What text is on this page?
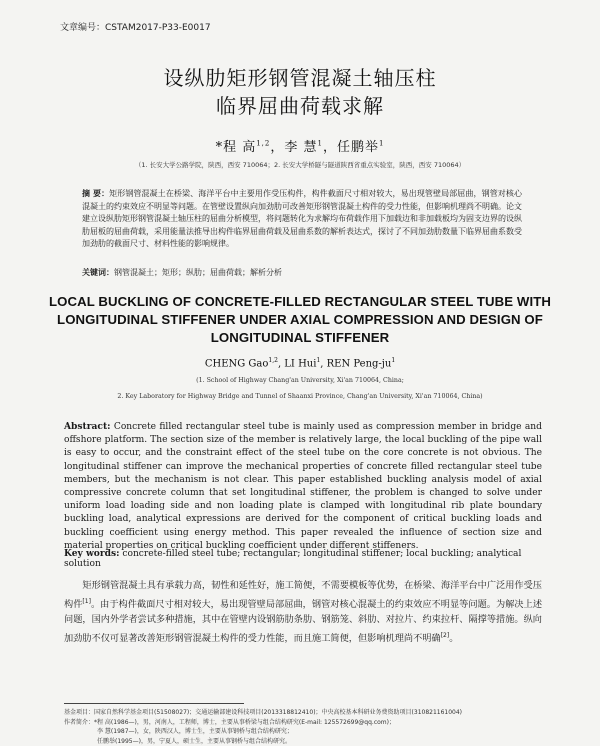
文章编号：CSTAM2017-P33-E0017
设纵肋矩形钢管混凝土轴压柱
临界屈曲荷载求解
*程 高$^{1,2}$，李 慧$^1$，任鹏举$^1$
（1. 长安大学公路学院，陕西，西安 710064；2. 长安大学桥隧与隧道陕西省重点实验室，陕西，西安 710064）
摘 要：矩形钢管混凝土在桥梁、海洋平台中主要用作受压构件，构件截面尺寸相对较大，易出现管壁局部屈曲，钢管对核心混凝土的约束效应不明显等问题。在管壁设置纵向加劲肋可改善矩形钢管混凝土构件的受力性能，但影响机理尚不明确。论文建立设纵肋矩形钢管混凝土轴压柱的屈曲分析模型，将问题转化为求解均布荷载作用下加载边和非加载板均为固支边界的设纵肋屈板的屈曲荷载，采用能量法推导出构件临界屈曲荷载及屈曲系数的解析表达式，探讨了不同加劲肋数量下临界屈曲系数受加劲肋的截面尺寸、材料性能的影响规律。
关键词：钢管混凝土；矩形；纵肋；屈曲荷载；解析分析
LOCAL BUCKLING OF CONCRETE-FILLED RECTANGULAR STEEL TUBE WITH LONGITUDINAL STIFFENER UNDER AXIAL COMPRESSION AND DESIGN OF LONGITUDINAL STIFFENER
CHENG Gao$^{1,2}$, LI Hui$^1$, REN Peng-$ju^1$
(1. School of Highway Chang'an University, Xi'an 710064, China;
2. Key Laboratory for Highway Bridge and Tunnel of Shaanxi Province, Chang'an University, Xi'an 710064, China)
Abstract: Concrete filled rectangular steel tube is mainly used as compression member in bridge and offshore platform. The section size of the member is relatively large, the local buckling of the pipe wall is easy to occur, and the constraint effect of the steel tube on the core concrete is not obvious. The longitudinal stiffener can improve the mechanical properties of concrete filled rectangular steel tube members, but the mechanism is not clear. This paper established buckling analysis model of axial compressive concrete column that set longitudinal stiffener, the problem is changed to solve under uniform load loading side and non loading plate is clamped with longitudinal rib plate boundary buckling load, analytical expressions are derived for the component of critical buckling loads and buckling coefficient using energy method. This paper revealed the influence of section size and material properties on critical buckling coefficient under different stiffeners.
Key words: concrete-filled steel tube; rectangular; longitudinal stiffener; local buckling; analytical solution
矩形钢管混凝土具有承载力高，韧性和延性好，施工简便，不需要模板等优势，在桥梁、海洋平台中广泛用作受压构件[1]。由于构件截面尺寸相对较大，易出现管壁局部屈曲，钢管对核心混凝土的约束效应不明显等问题。为解决上述问题，国内外学者尝试多种措施，其中在管壁内设钢筋肋条肋、钢筋笼、斜肋、对拉片、约束拉杆、隔撑等措施。纵向加劲肋不仅可显著改善矩形钢管混凝土构件的受力性能，而且施工简便，但影响机理尚不明确[2]。
基金项目：国家自然科学基金项目(51508027)；交通运输部建设科技项目(2013318812410)；中央高校基本科研业务费资助项目(310821161004)
作者简介：*程 高(1986—)，男，河南人，工程师，博士，主要从事桥梁与组合结构研究(E-mail: 125572699@qq.com)；
李 慧(1987—)，女，陕西汉人，博士生，主要从事钢桥与组合结构研究；
任鹏举(1995—)，男，宁夏人，硕士生，主要从事钢桥与组合结构研究。
